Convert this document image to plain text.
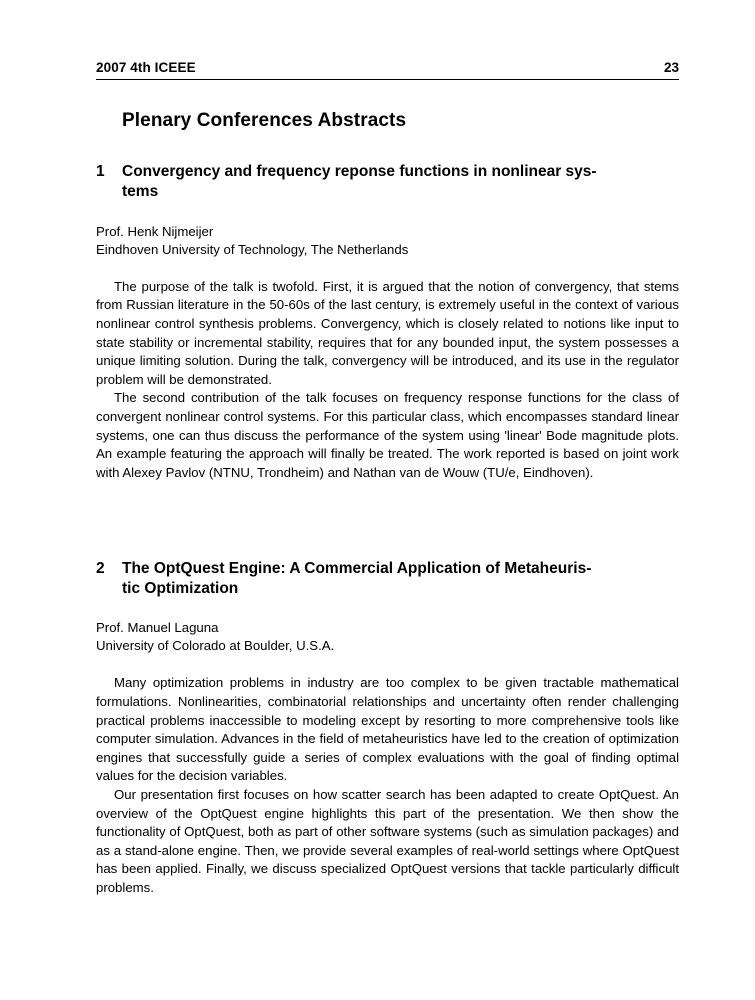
2007 4th ICEEE	23
Plenary Conferences Abstracts
1	Convergency and frequency reponse functions in nonlinear sys-
tems
Prof. Henk Nijmeijer
Eindhoven University of Technology, The Netherlands

The purpose of the talk is twofold. First, it is argued that the notion of convergency, that stems from Russian literature in the 50-60s of the last century, is extremely useful in the context of various nonlinear control synthesis problems. Convergency, which is closely related to notions like input to state stability or incremental stability, requires that for any bounded input, the system possesses a unique limiting solution. During the talk, convergency will be introduced, and its use in the regulator problem will be demonstrated.

The second contribution of the talk focuses on frequency response functions for the class of convergent nonlinear control systems. For this particular class, which encompasses standard linear systems, one can thus discuss the performance of the system using 'linear' Bode magnitude plots. An example featuring the approach will finally be treated. The work reported is based on joint work with Alexey Pavlov (NTNU, Trondheim) and Nathan van de Wouw (TU/e, Eindhoven).

2	The OptQuest Engine: A Commercial Application of Metaheuris-
tic Optimization
Prof. Manuel Laguna
University of Colorado at Boulder, U.S.A.

Many optimization problems in industry are too complex to be given tractable mathematical formulations. Nonlinearities, combinatorial relationships and uncertainty often render challenging practical problems inaccessible to modeling except by resorting to more comprehensive tools like computer simulation. Advances in the field of metaheuristics have led to the creation of optimization engines that successfully guide a series of complex evaluations with the goal of finding optimal values for the decision variables.

Our presentation first focuses on how scatter search has been adapted to create OptQuest. An overview of the OptQuest engine highlights this part of the presentation. We then show the functionality of OptQuest, both as part of other software systems (such as simulation packages) and as a stand-alone engine. Then, we provide several examples of real-world settings where OptQuest has been applied. Finally, we discuss specialized OptQuest versions that tackle particularly difficult problems.
